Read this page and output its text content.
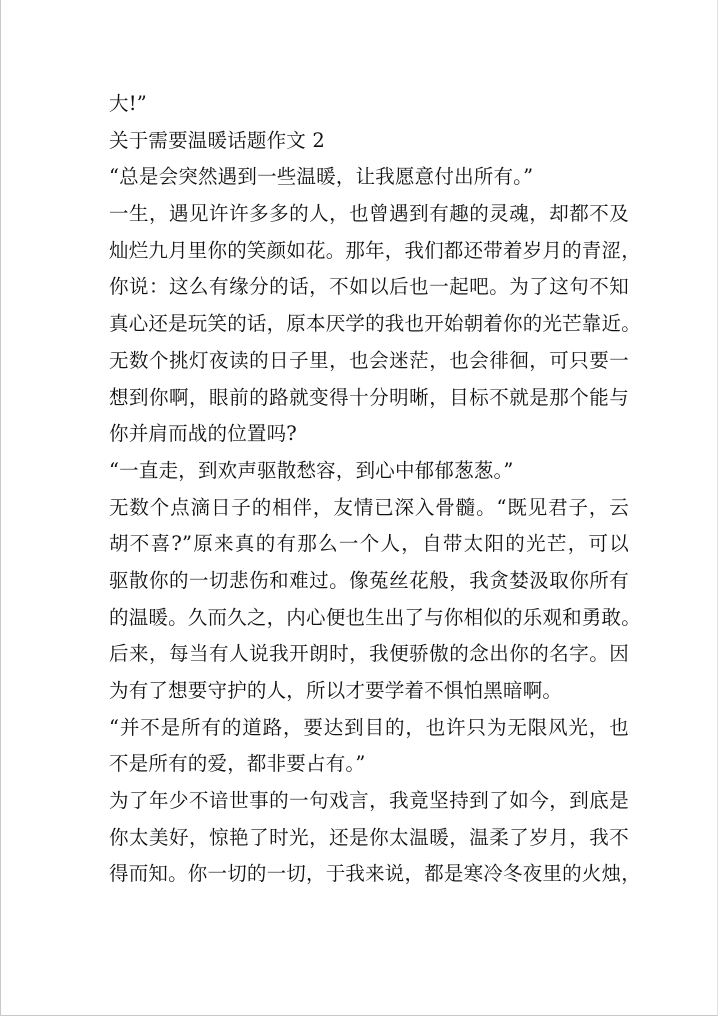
大!”
关于需要温暖话题作文 2
“总是会突然遇到一些温暖，让我愿意付出所有。”
一生，遇见许许多多的人，也曾遇到有趣的灵魂，却都不及
灿烂九月里你的笑颜如花。那年，我们都还带着岁月的青涩，
你说：这么有缘分的话，不如以后也一起吧。为了这句不知
真心还是玩笑的话，原本厌学的我也开始朝着你的光芒靠近。
无数个挑灯夜读的日子里，也会迷茫，也会徘徊，可只要一
想到你啊，眼前的路就变得十分明晰，目标不就是那个能与
你并肩而战的位置吗?
“一直走，到欢声驱散愁容，到心中郁郁葱葱。”
无数个点滴日子的相伴，友情已深入骨髓。“既见君子，云
胡不喜?”原来真的有那么一个人，自带太阳的光芒，可以
驱散你的一切悲伤和难过。像菟丝花般，我贪婪汲取你所有
的温暖。久而久之，内心便也生出了与你相似的乐观和勇敢。
后来，每当有人说我开朗时，我便骄傲的念出你的名字。因
为有了想要守护的人，所以才要学着不惧怕黑暗啊。
“并不是所有的道路，要达到目的，也许只为无限风光，也
不是所有的爱，都非要占有。”
为了年少不谙世事的一句戏言，我竟坚持到了如今，到底是
你太美好，惊艳了时光，还是你太温暖，温柔了岁月，我不
得而知。你一切的一切，于我来说，都是寒冷冬夜里的火烛，
